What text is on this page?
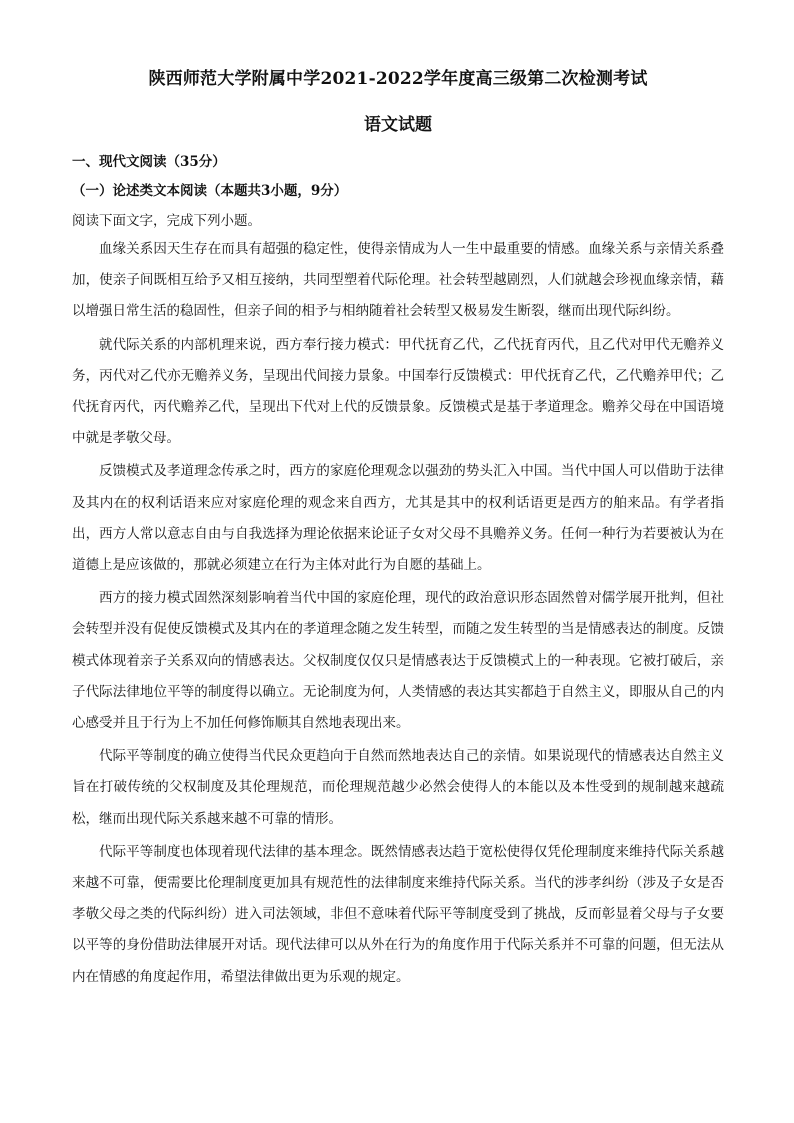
陕西师范大学附属中学2021-2022学年度高三级第二次检测考试
语文试题
一、现代文阅读（35分）
（一）论述类文本阅读（本题共3小题，9分）
阅读下面文字，完成下列小题。

血缘关系因天生存在而具有超强的稳定性，使得亲情成为人一生中最重要的情感。血缘关系与亲情关系叠加，使亲子间既相互给予又相互接纳，共同型塑着代际伦理。社会转型越剧烈，人们就越会珍视血缘亲情，藉以增强日常生活的稳固性，但亲子间的相予与相纳随着社会转型又极易发生断裂，继而出现代际纠纷。

就代际关系的内部机理来说，西方奉行接力模式：甲代抚育乙代，乙代抚育丙代，且乙代对甲代无赡养义务，丙代对乙代亦无赡养义务，呈现出代间接力景象。中国奉行反馈模式：甲代抚育乙代，乙代赡养甲代；乙代抚育丙代，丙代赡养乙代，呈现出下代对上代的反馈景象。反馈模式是基于孝道理念。赡养父母在中国语境中就是孝敬父母。

反馈模式及孝道理念传承之时，西方的家庭伦理观念以强劲的势头汇入中国。当代中国人可以借助于法律及其内在的权利话语来应对家庭伦理的观念来自西方，尤其是其中的权利话语更是西方的舶来品。有学者指出，西方人常以意志自由与自我选择为理论依据来论证子女对父母不具赡养义务。任何一种行为若要被认为在道德上是应该做的，那就必须建立在行为主体对此行为自愿的基础上。

西方的接力模式固然深刻影响着当代中国的家庭伦理，现代的政治意识形态固然曾对儒学展开批判，但社会转型并没有促使反馈模式及其内在的孝道理念随之发生转型，而随之发生转型的当是情感表达的制度。反馈模式体现着亲子关系双向的情感表达。父权制度仅仅只是情感表达于反馈模式上的一种表现。它被打破后，亲子代际法律地位平等的制度得以确立。无论制度为何，人类情感的表达其实都趋于自然主义，即服从自己的内心感受并且于行为上不加任何修饰顺其自然地表现出来。

代际平等制度的确立使得当代民众更趋向于自然而然地表达自己的亲情。如果说现代的情感表达自然主义旨在打破传统的父权制度及其伦理规范，而伦理规范越少必然会使得人的本能以及本性受到的规制越来越疏松，继而出现代际关系越来越不可靠的情形。

代际平等制度也体现着现代法律的基本理念。既然情感表达趋于宽松使得仅凭伦理制度来维持代际关系越来越不可靠，便需要比伦理制度更加具有规范性的法律制度来维持代际关系。当代的涉孝纠纷（涉及子女是否孝敬父母之类的代际纠纷）进入司法领域，非但不意味着代际平等制度受到了挑战，反而彰显着父母与子女要以平等的身份借助法律展开对话。现代法律可以从外在行为的角度作用于代际关系并不可靠的问题，但无法从内在情感的角度起作用，希望法律做出更为乐观的规定。
